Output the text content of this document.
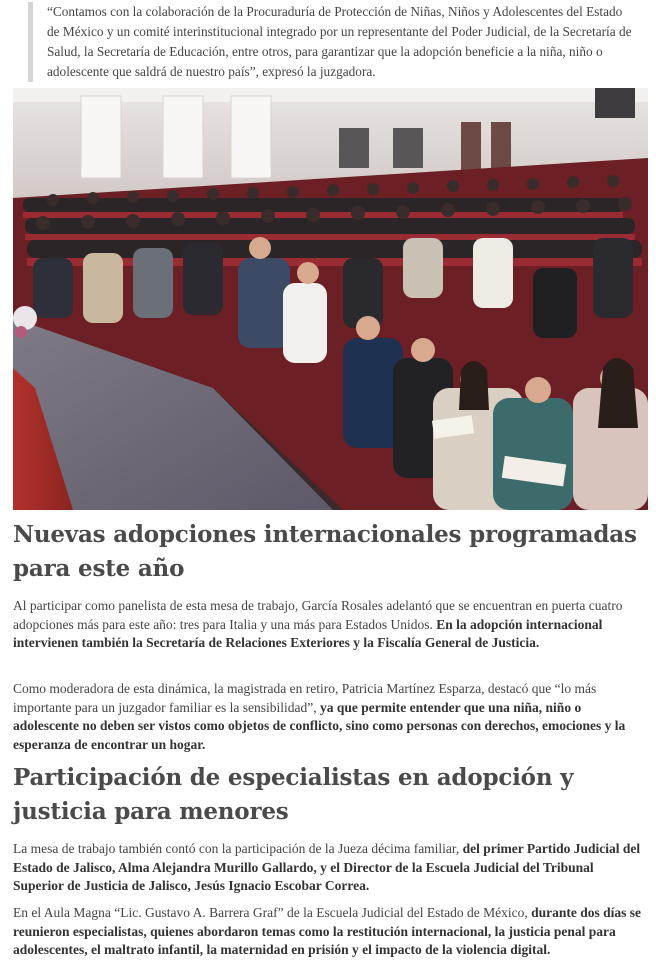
“Contamos con la colaboración de la Procuraduría de Protección de Niñas, Niños y Adolescentes del Estado de México y un comité interinstitucional integrado por un representante del Poder Judicial, de la Secretaría de Salud, la Secretaría de Educación, entre otros, para garantizar que la adopción beneficie a la niña, niño o adolescente que saldrá de nuestro país”, expresó la juzgadora.
Nuevas adopciones internacionales programadas para este año

Al participar como panelista de esta mesa de trabajo, García Rosales adelantó que se encuentran en puerta cuatro adopciones más para este año: tres para Italia y una más para Estados Unidos. En la adopción internacional intervienen también la Secretaría de Relaciones Exteriores y la Fiscalía General de Justicia.

Como moderadora de esta dinámica, la magistrada en retiro, Patricia Martínez Esparza, destacó que “lo más importante para un juzgador familiar es la sensibilidad”, ya que permite entender que una niña, niño o adolescente no deben ser vistos como objetos de conflicto, sino como personas con derechos, emociones y la esperanza de encontrar un hogar.

Participación de especialistas en adopción y justicia para menores

La mesa de trabajo también contó con la participación de la Jueza décima familiar, del primer Partido Judicial del Estado de Jalisco, Alma Alejandra Murillo Gallardo, y el Director de la Escuela Judicial del Tribunal Superior de Justicia de Jalisco, Jesús Ignacio Escobar Correa.

En el Aula Magna “Lic. Gustavo A. Barrera Graf” de la Escuela Judicial del Estado de México, durante dos días se reunieron especialistas, quienes abordaron temas como la restitución internacional, la justicia penal para adolescentes, el maltrato infantil, la maternidad en prisión y el impacto de la violencia digital.
